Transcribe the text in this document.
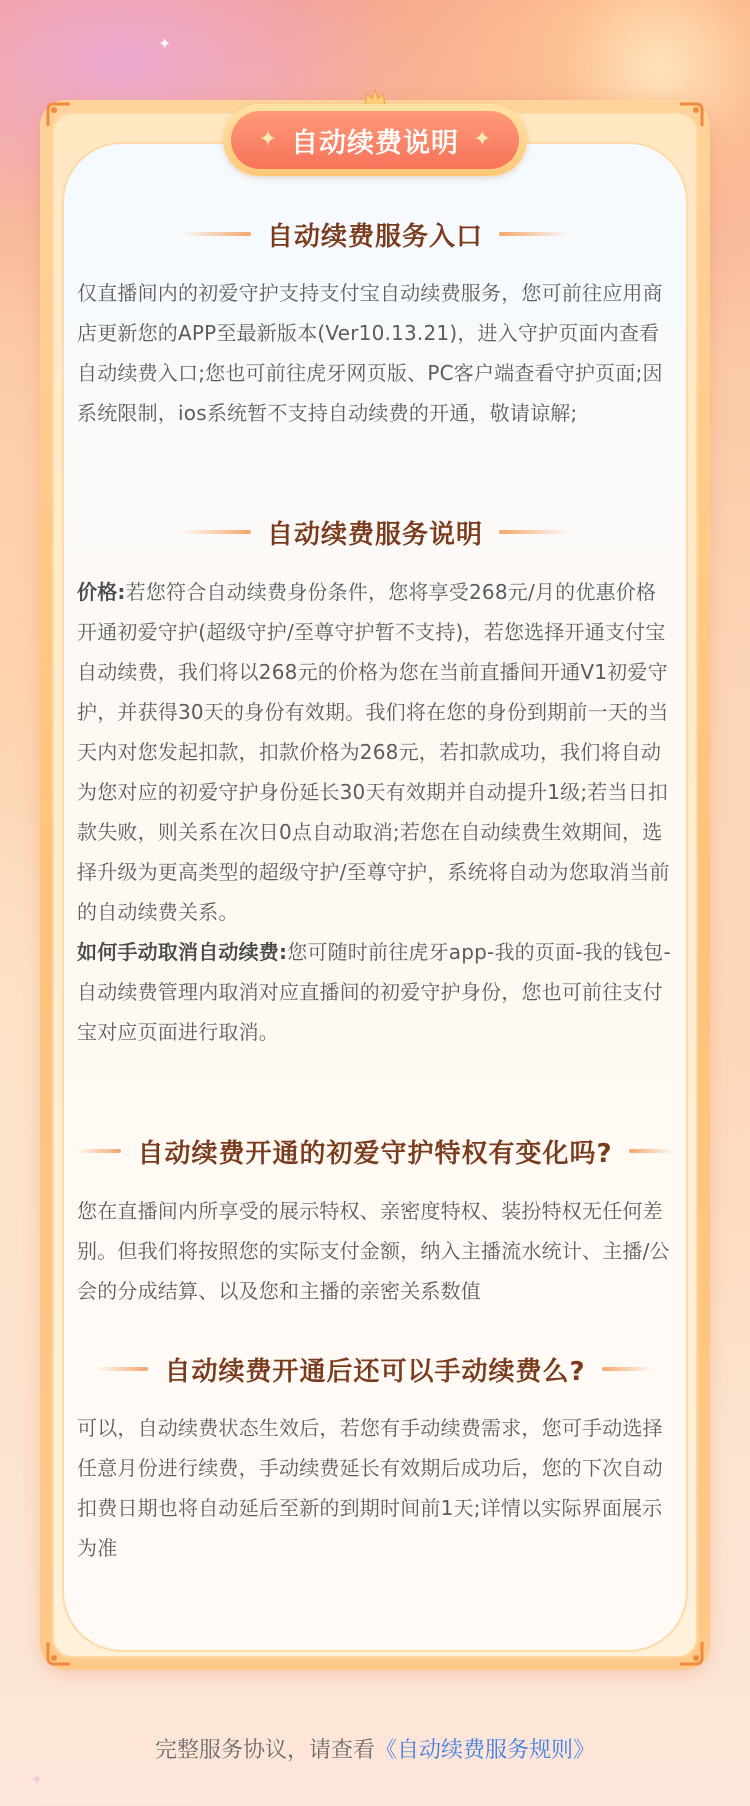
✦
✦
✦ 自动续费说明 ✦
自动续费服务入口

仅直播间内的初爱守护支持支付宝自动续费服务，您可前往应用商店更新您的APP至最新版本(Ver10.13.21)，进入守护页面内查看自动续费入口;您也可前往虎牙网页版、PC客户端查看守护页面;因系统限制，ios系统暂不支持自动续费的开通，敬请谅解;

自动续费服务说明

价格:若您符合自动续费身份条件，您将享受268元/月的优惠价格开通初爱守护(超级守护/至尊守护暂不支持)，若您选择开通支付宝自动续费，我们将以268元的价格为您在当前直播间开通V1初爱守护，并获得30天的身份有效期。我们将在您的身份到期前一天的当天内对您发起扣款，扣款价格为268元，若扣款成功，我们将自动为您对应的初爱守护身份延长30天有效期并自动提升1级;若当日扣款失败，则关系在次日0点自动取消;若您在自动续费生效期间，选择升级为更高类型的超级守护/至尊守护，系统将自动为您取消当前的自动续费关系。

如何手动取消自动续费:您可随时前往虎牙app-我的页面-我的钱包-自动续费管理内取消对应直播间的初爱守护身份，您也可前往支付宝对应页面进行取消。

自动续费开通的初爱守护特权有变化吗?

您在直播间内所享受的展示特权、亲密度特权、装扮特权无任何差别。但我们将按照您的实际支付金额，纳入主播流水统计、主播/公会的分成结算、以及您和主播的亲密关系数值

自动续费开通后还可以手动续费么?

可以，自动续费状态生效后，若您有手动续费需求，您可手动选择任意月份进行续费，手动续费延长有效期后成功后，您的下次自动扣费日期也将自动延后至新的到期时间前1天;详情以实际界面展示为准

完整服务协议，请查看《自动续费服务规则》
